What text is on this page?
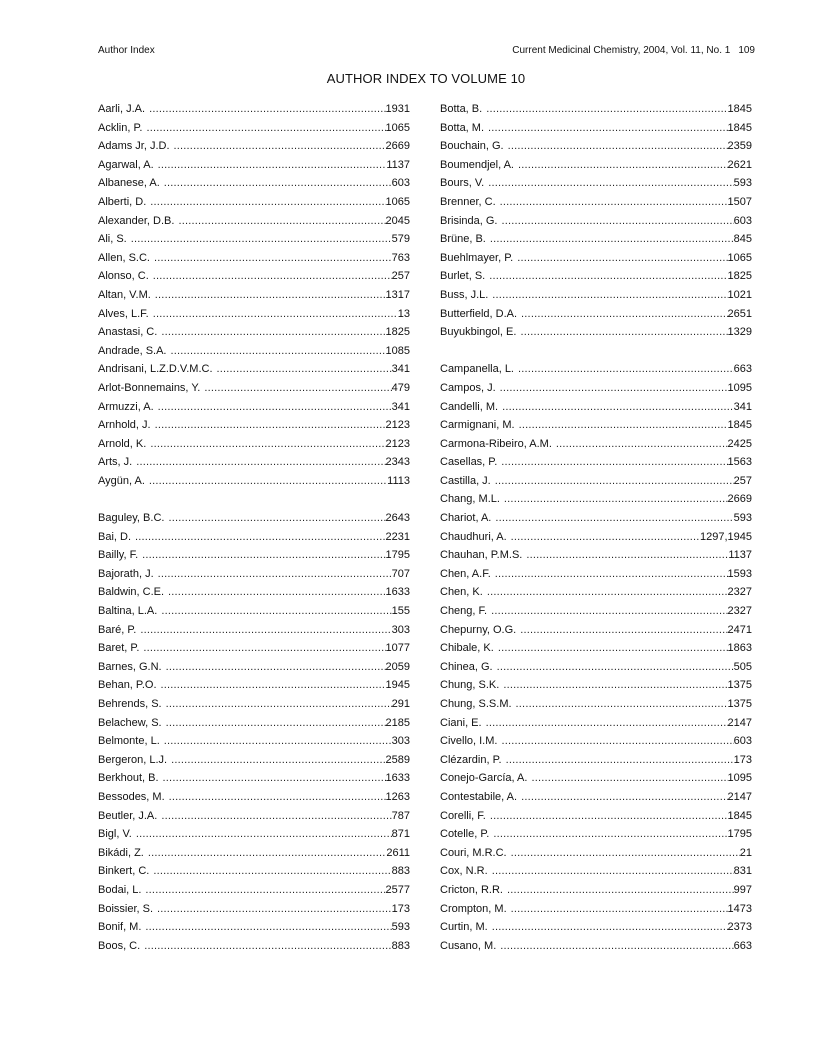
Author Index	Current Medicinal Chemistry, 2004, Vol. 11, No. 1 109
AUTHOR INDEX TO VOLUME 10
Aarli, J.A. .....	1931
Acklin, P. .....	1065
Adams Jr, J.D. .....	2669
Agarwal, A. .....	1137
Albanese, A. .....	603
Alberti, D. .....	1065
Alexander, D.B. .....	2045
Ali, S. .....	579
Allen, S.C. .....	763
Alonso, C. .....	257
Altan, V.M. .....	1317
Alves, L.F. .....	13
Anastasi, C. .....	1825
Andrade, S.A. .....	1085
Andrisani, L.Z.D.V.M.C. .....	341
Arlot-Bonnemains, Y. .....	479
Armuzzi, A. .....	341
Arnhold, J. .....	2123
Arnold, K. .....	2123
Arts, J. .....	2343
Aygün, A. .....	1113
Baguley, B.C. .....	2643
Bai, D. .....	2231
Bailly, F. .....	1795
Bajorath, J. .....	707
Baldwin, C.E. .....	1633
Baltina, L.A. .....	155
Baré, P. .....	303
Baret, P. .....	1077
Barnes, G.N. .....	2059
Behan, P.O. .....	1945
Behrends, S. .....	291
Belachew, S. .....	2185
Belmonte, L. .....	303
Bergeron, L.J. .....	2589
Berkhout, B. .....	1633
Bessodes, M. .....	1263
Beutler, J.A. .....	787
Bigl, V. .....	871
Bikádi, Z. .....	2611
Binkert, C. .....	883
Bodai, L. .....	2577
Boissier, S. .....	173
Bonif, M. .....	593
Boos, C. .....	883
Botta, B. .....	1845
Botta, M. .....	1845
Bouchain, G. .....	2359
Boumendjel, A. .....	2621
Bours, V. .....	593
Brenner, C. .....	1507
Brisinda, G. .....	603
Brüne, B. .....	845
Buehlmayer, P. .....	1065
Burlet, S. .....	1825
Buss, J.L. .....	1021
Butterfield, D.A. .....	2651
Buyukbingol, E. .....	1329
Campanella, L. .....	663
Campos, J. .....	1095
Candelli, M. .....	341
Carmignani, M. .....	1845
Carmona-Ribeiro, A.M. .....	2425
Casellas, P. .....	1563
Castilla, J. .....	257
Chang, M.L. .....	2669
Chariot, A. .....	593
Chaudhuri, A. .....	1297,1945
Chauhan, P.M.S. .....	1137
Chen, A.F. .....	1593
Chen, K. .....	2327
Cheng, F. .....	2327
Chepurny, O.G. .....	2471
Chibale, K. .....	1863
Chinea, G. .....	505
Chung, S.K. .....	1375
Chung, S.S.M. .....	1375
Ciani, E. .....	2147
Civello, I.M. .....	603
Clézardin, P. .....	173
Conejo-García, A. .....	1095
Contestabile, A. .....	2147
Corelli, F. .....	1845
Cotelle, P. .....	1795
Couri, M.R.C. .....	21
Cox, N.R. .....	831
Cricton, R.R. .....	997
Crompton, M. .....	1473
Curtin, M. .....	2373
Cusano, M. .....	663
